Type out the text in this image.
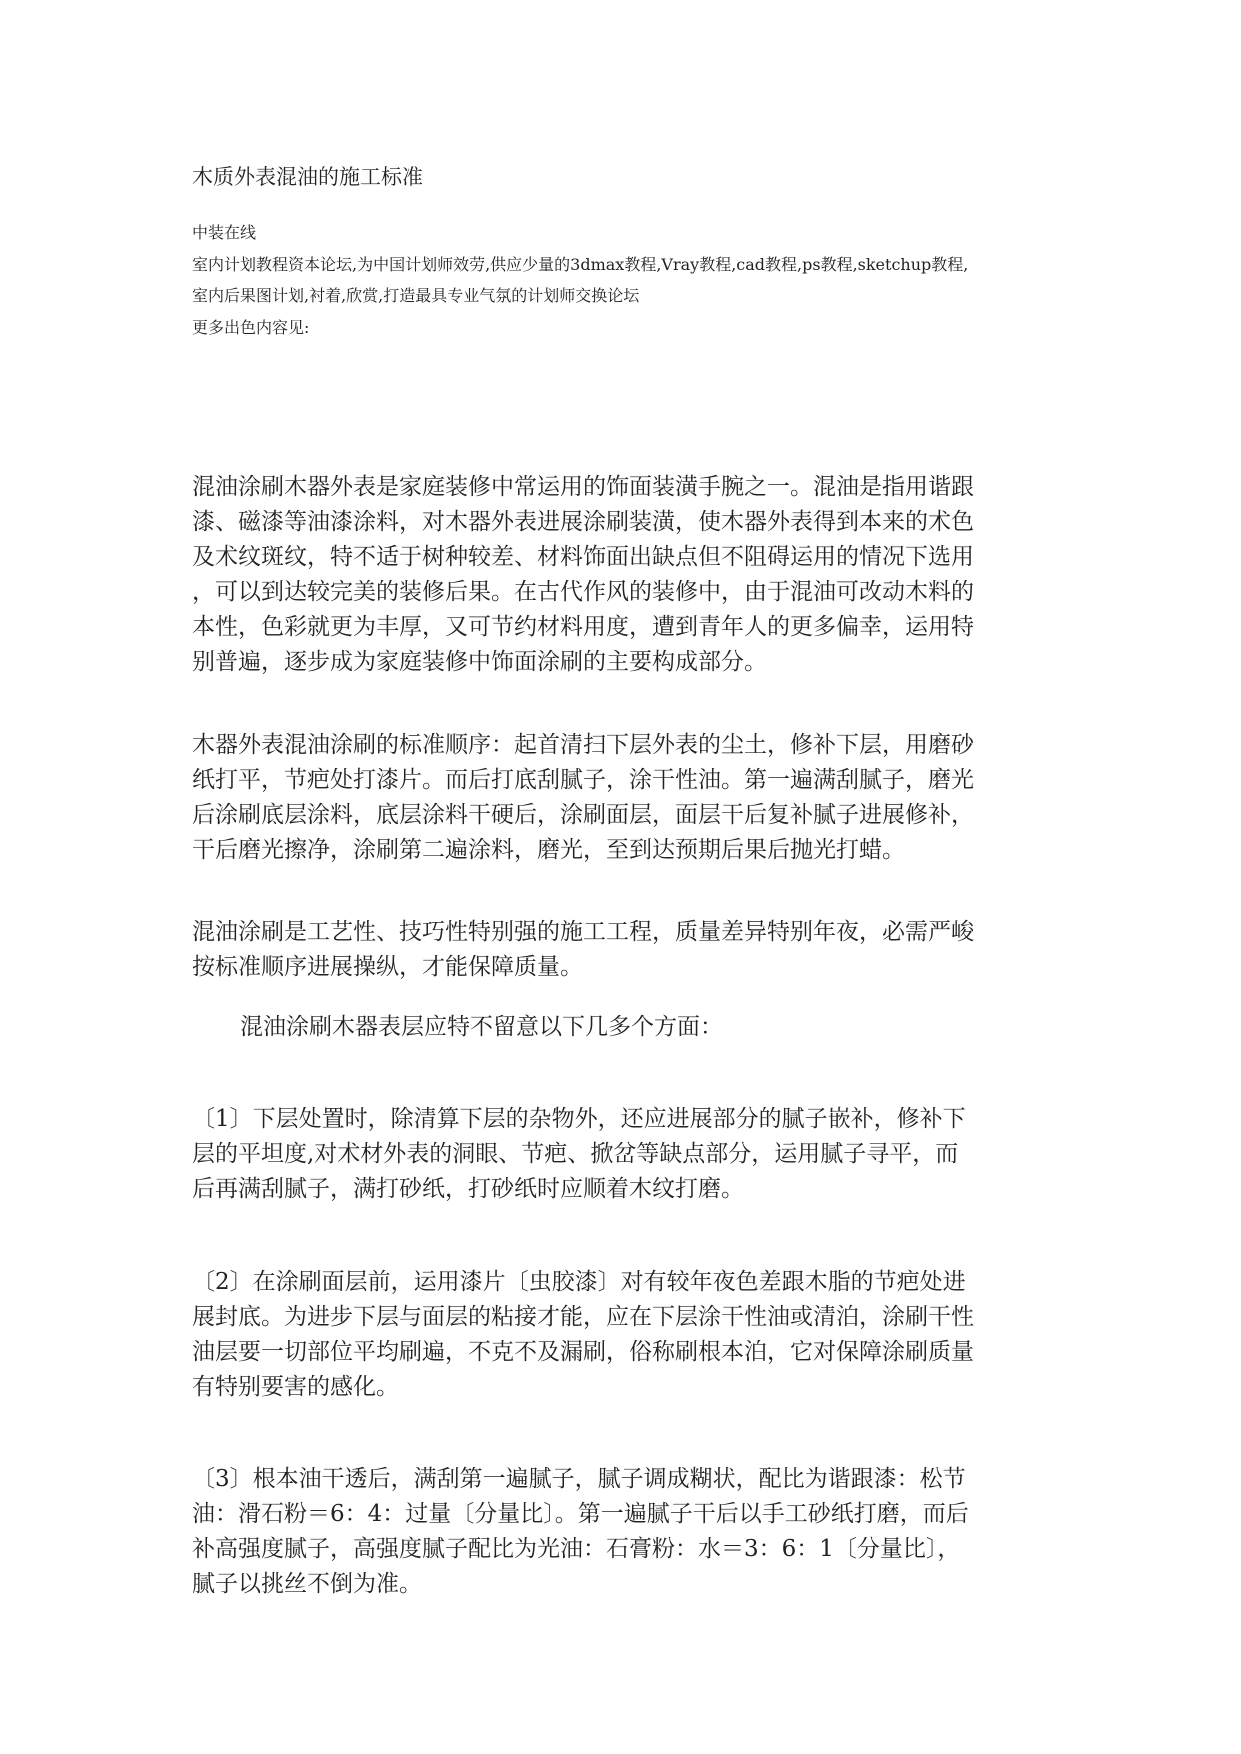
木质外表混油的施工标准
中装在线
室内计划教程资本论坛,为中国计划师效劳,供应少量的3dmax教程,Vray教程,cad教程,ps教程,sketchup教程,
室内后果图计划,衬着,欣赏,打造最具专业气氛的计划师交换论坛
更多出色内容见:
混油涂刷木器外表是家庭装修中常运用的饰面装潢手腕之一。混油是指用谐跟
漆、磁漆等油漆涂料，对木器外表进展涂刷装潢，使木器外表得到本来的术色
及术纹斑纹，特不适于树种较差、材料饰面出缺点但不阻碍运用的情况下选用
，可以到达较完美的装修后果。在古代作风的装修中，由于混油可改动木料的
本性，色彩就更为丰厚，又可节约材料用度，遭到青年人的更多偏幸，运用特
别普遍，逐步成为家庭装修中饰面涂刷的主要构成部分。
木器外表混油涂刷的标准顺序：起首清扫下层外表的尘土，修补下层，用磨砂
纸打平，节疤处打漆片。而后打底刮腻子，涂干性油。第一遍满刮腻子，磨光
后涂刷底层涂料，底层涂料干硬后，涂刷面层，面层干后复补腻子进展修补，
干后磨光擦净，涂刷第二遍涂料，磨光，至到达预期后果后抛光打蜡。
混油涂刷是工艺性、技巧性特别强的施工工程，质量差异特别年夜，必需严峻
按标准顺序进展操纵，才能保障质量。
混油涂刷木器表层应特不留意以下几多个方面：
〔1〕下层处置时，除清算下层的杂物外，还应进展部分的腻子嵌补，修补下
层的平坦度,对术材外表的洞眼、节疤、掀岔等缺点部分，运用腻子寻平，而
后再满刮腻子，满打砂纸，打砂纸时应顺着木纹打磨。
〔2〕在涂刷面层前，运用漆片〔虫胶漆〕对有较年夜色差跟木脂的节疤处进
展封底。为进步下层与面层的粘接才能，应在下层涂干性油或清泊，涂刷干性
油层要一切部位平均刷遍，不克不及漏刷，俗称刷根本泊，它对保障涂刷质量
有特别要害的感化。
〔3〕根本油干透后，满刮第一遍腻子，腻子调成糊状，配比为谐跟漆：松节
油：滑石粉＝6：4：过量〔分量比〕。第一遍腻子干后以手工砂纸打磨，而后
补高强度腻子，高强度腻子配比为光油：石膏粉：水＝3：6：1〔分量比〕，
腻子以挑丝不倒为准。
